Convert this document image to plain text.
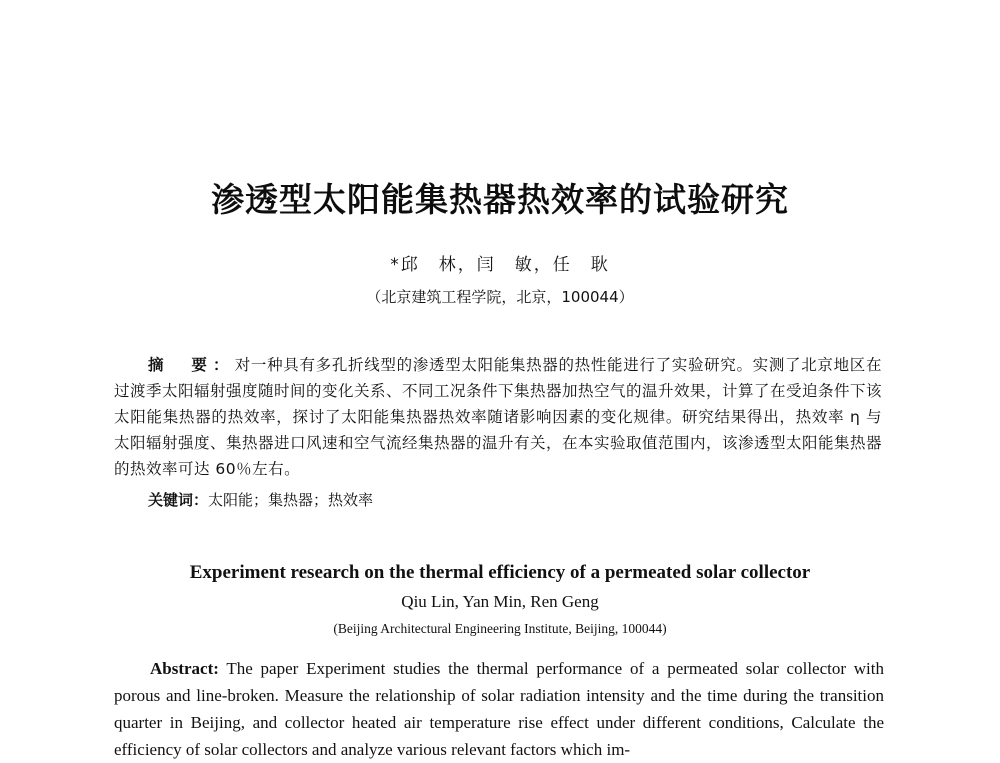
渗透型太阳能集热器热效率的试验研究
*邱　林，闫　敏，任　耿
（北京建筑工程学院，北京，100044）
摘　要：对一种具有多孔折线型的渗透型太阳能集热器的热性能进行了实验研究。实测了北京地区在过渡季太阳辐射强度随时间的变化关系、不同工况条件下集热器加热空气的温升效果，计算了在受迫条件下该太阳能集热器的热效率，探讨了太阳能集热器热效率随诸影响因素的变化规律。研究结果得出，热效率 η 与太阳辐射强度、集热器进口风速和空气流经集热器的温升有关，在本实验取值范围内，该渗透型太阳能集热器的热效率可达 60％左右。
关键词：太阳能；集热器；热效率
Experiment research on the thermal efficiency of a permeated solar collector
Qiu Lin, Yan Min, Ren Geng
(Beijing Architectural Engineering Institute, Beijing, 100044)
Abstract: The paper Experiment studies the thermal performance of a permeated solar collector with porous and line-broken. Measure the relationship of solar radiation intensity and the time during the transition quarter in Beijing, and collector heated air temperature rise effect under different conditions, Calculate the efficiency of solar collectors and analyze various relevant factors which im-
